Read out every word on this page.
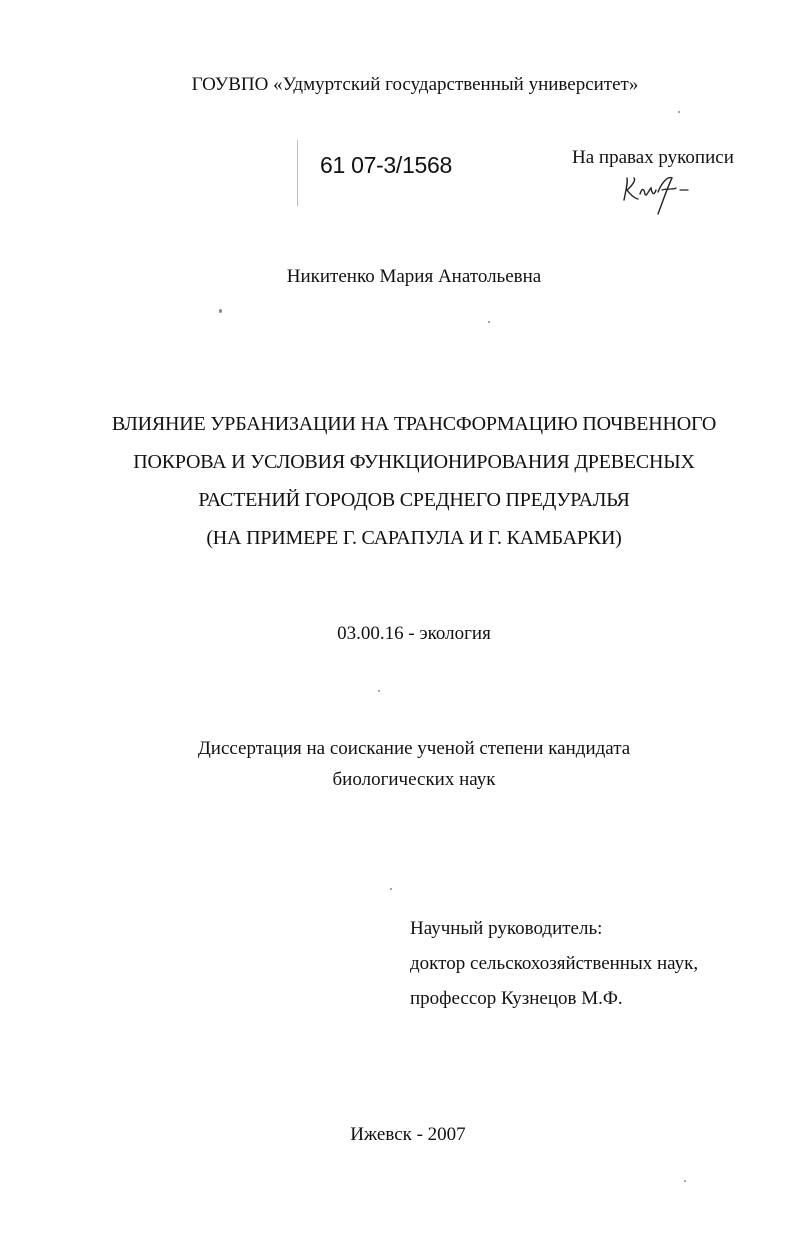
ГОУВПО «Удмуртский государственный университет»
61 07-3/1568	На правах рукописи
Никитенко Мария Анатольевна
ВЛИЯНИЕ УРБАНИЗАЦИИ НА ТРАНСФОРМАЦИЮ ПОЧВЕННОГО
ПОКРОВА И УСЛОВИЯ ФУНКЦИОНИРОВАНИЯ ДРЕВЕСНЫХ
РАСТЕНИЙ ГОРОДОВ СРЕДНЕГО ПРЕДУРАЛЬЯ
(НА ПРИМЕРЕ Г. САРАПУЛА И Г. КАМБАРКИ)
03.00.16 - экология
Диссертация на соискание ученой степени кандидата
биологических наук
Научный руководитель:
доктор сельскохозяйственных наук,
профессор Кузнецов М.Ф.
Ижевск - 2007
